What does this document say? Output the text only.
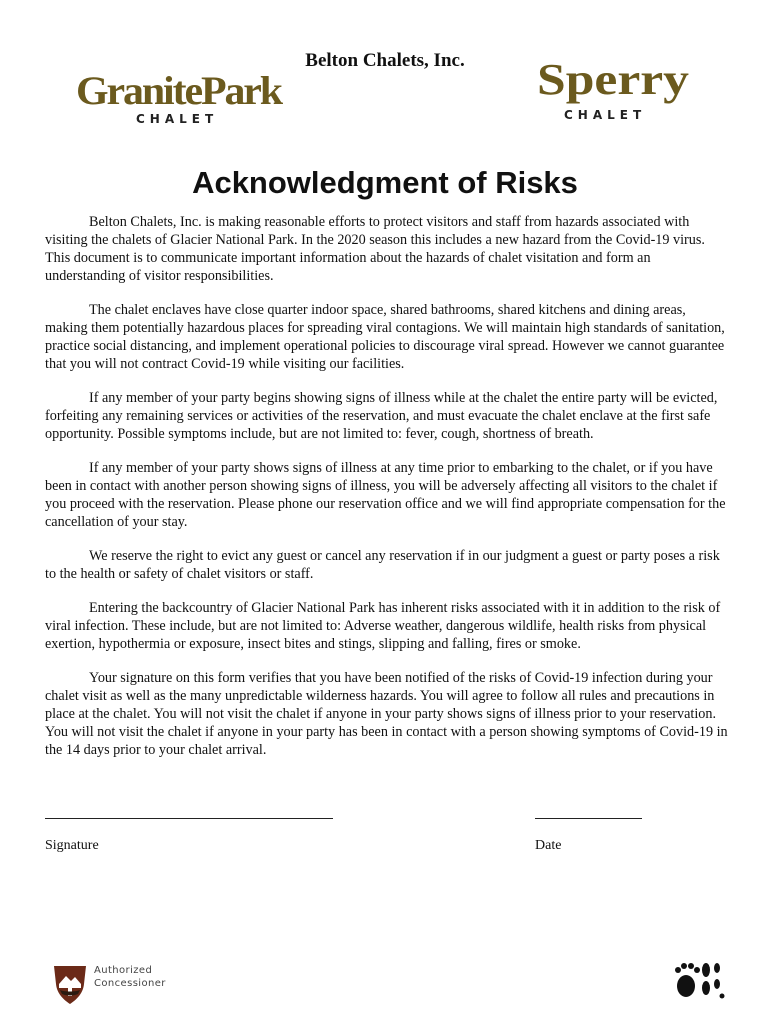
Belton Chalets, Inc.
GranitePark
CHALET
Sperry
CHALET
Acknowledgment of Risks

Belton Chalets, Inc. is making reasonable efforts to protect visitors and staff from hazards associated with visiting the chalets of Glacier National Park. In the 2020 season this includes a new hazard from the Covid-19 virus. This document is to communicate important information about the hazards of chalet visitation and form an understanding of visitor responsibilities.

The chalet enclaves have close quarter indoor space, shared bathrooms, shared kitchens and dining areas, making them potentially hazardous places for spreading viral contagions. We will maintain high standards of sanitation, practice social distancing, and implement operational policies to discourage viral spread. However we cannot guarantee that you will not contract Covid-19 while visiting our facilities.

If any member of your party begins showing signs of illness while at the chalet the entire party will be evicted, forfeiting any remaining services or activities of the reservation, and must evacuate the chalet enclave at the first safe opportunity. Possible symptoms include, but are not limited to: fever, cough, shortness of breath.

If any member of your party shows signs of illness at any time prior to embarking to the chalet, or if you have been in contact with another person showing signs of illness, you will be adversely affecting all visitors to the chalet if you proceed with the reservation. Please phone our reservation office and we will find appropriate compensation for the cancellation of your stay.

We reserve the right to evict any guest or cancel any reservation if in our judgment a guest or party poses a risk to the health or safety of chalet visitors or staff.

Entering the backcountry of Glacier National Park has inherent risks associated with it in addition to the risk of viral infection. These include, but are not limited to: Adverse weather, dangerous wildlife, health risks from physical exertion, hypothermia or exposure, insect bites and stings, slipping and falling, fires or smoke.

Your signature on this form verifies that you have been notified of the risks of Covid-19 infection during your chalet visit as well as the many unpredictable wilderness hazards. You will agree to follow all rules and precautions in place at the chalet. You will not visit the chalet if anyone in your party shows signs of illness prior to your reservation. You will not visit the chalet if anyone in your party has been in contact with a person showing symptoms of Covid-19 in the 14 days prior to your chalet arrival.

Signature	Date
Authorized
Concessioner
